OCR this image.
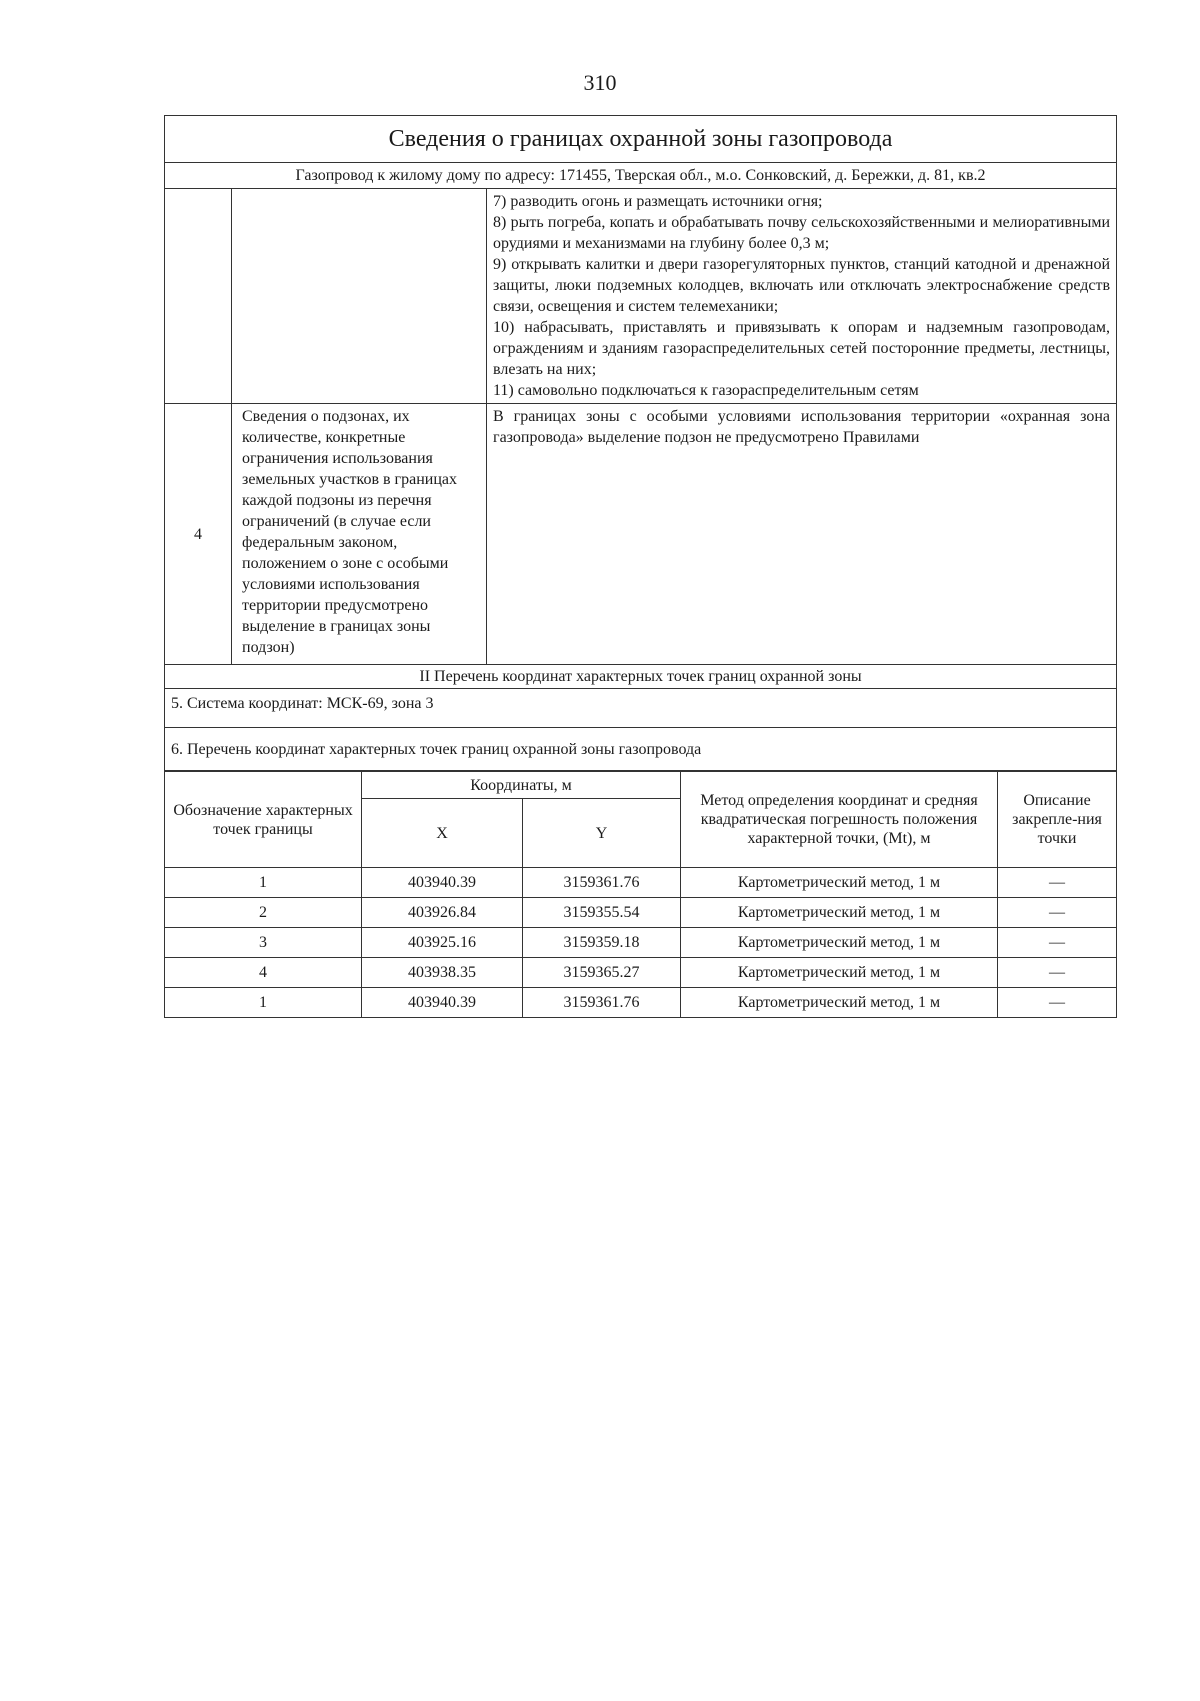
310
Сведения о границах охранной зоны газопровода		
Газопровод к жилому дому по адресу: 171455, Тверская обл., м.о. Сонковский, д. Бережки, д. 81, кв.2		

		7) разводить огонь и размещать источники огня;
8) рыть погреба, копать и обрабатывать почву сельскохозяйственными и мелиоративными орудиями и механизмами на глубину более 0,3 м;
9) открывать калитки и двери газорегуляторных пунктов, станций катодной и дренажной защиты, люки подземных колодцев, включать или отключать электроснабжение средств связи, освещения и систем телемеханики;
10) набрасывать, приставлять и привязывать к опорам и надземным газопроводам, ограждениям и зданиям газораспределительных сетей посторонние предметы, лестницы, влезать на них;
11) самовольно подключаться к газораспределительным сетям

4	Сведения о подзонах, их количестве, конкретные ограничения использования земельных участков в границах каждой подзоны из перечня ограничений (в случае если федеральным законом, положением о зоне с особыми условиями использования территории предусмотрено выделение в границах зоны подзон)	В границах зоны с особыми условиями использования территории «охранная зона газопровода» выделение подзон не предусмотрено Правилами
II Перечень координат характерных точек границ охранной зоны		
5. Система координат: МСК-69, зона 3		
6. Перечень координат характерных точек границ охранной зоны газопровода		
Обозначение характерных точек границы	Координаты, м		Метод определения координат и средняя квадратическая погрешность положения характерной точки, (Мt), м	Описание закрепле-ния точки
	X	Y		
1	403940.39	3159361.76	Картометрический метод, 1 м	—
2	403926.84	3159355.54	Картометрический метод, 1 м	—
3	403925.16	3159359.18	Картометрический метод, 1 м	—
4	403938.35	3159365.27	Картометрический метод, 1 м	—
1	403940.39	3159361.76	Картометрический метод, 1 м	—
